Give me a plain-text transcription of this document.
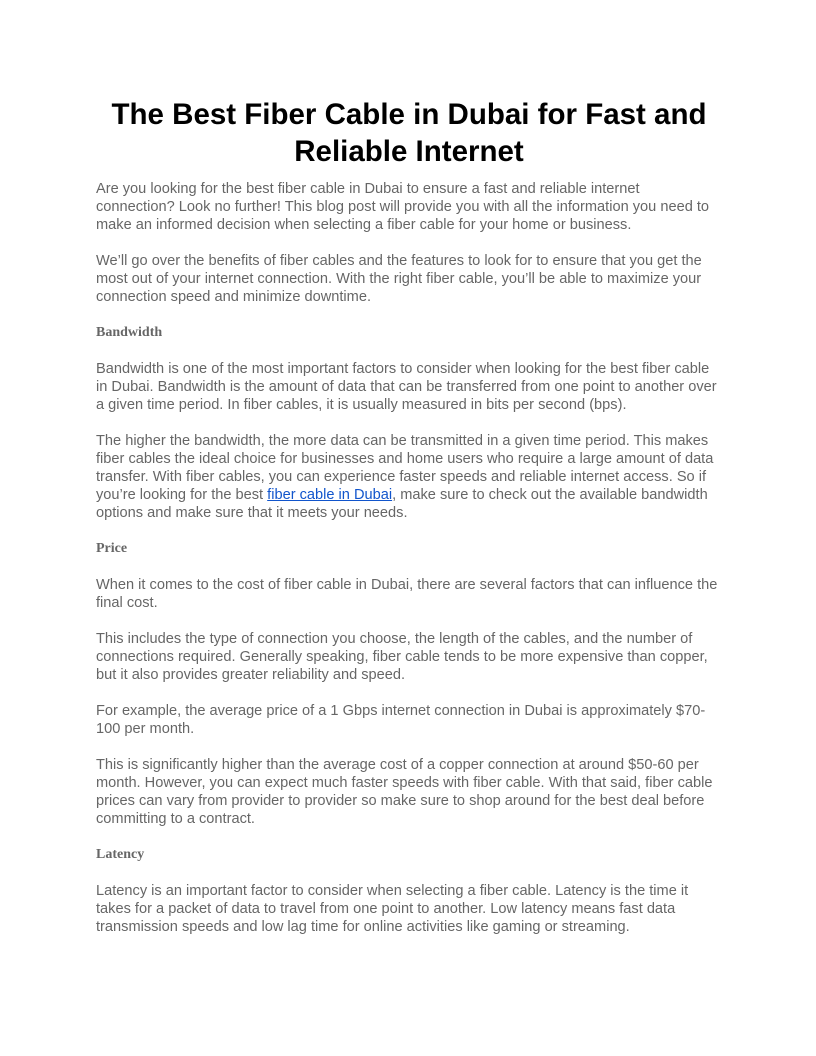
The Best Fiber Cable in Dubai for Fast and Reliable Internet

Are you looking for the best fiber cable in Dubai to ensure a fast and reliable internet connection? Look no further! This blog post will provide you with all the information you need to make an informed decision when selecting a fiber cable for your home or business.

We’ll go over the benefits of fiber cables and the features to look for to ensure that you get the most out of your internet connection. With the right fiber cable, you’ll be able to maximize your connection speed and minimize downtime.

Bandwidth

Bandwidth is one of the most important factors to consider when looking for the best fiber cable in Dubai. Bandwidth is the amount of data that can be transferred from one point to another over a given time period. In fiber cables, it is usually measured in bits per second (bps).

The higher the bandwidth, the more data can be transmitted in a given time period. This makes fiber cables the ideal choice for businesses and home users who require a large amount of data transfer. With fiber cables, you can experience faster speeds and reliable internet access. So if you’re looking for the best fiber cable in Dubai, make sure to check out the available bandwidth options and make sure that it meets your needs.

Price

When it comes to the cost of fiber cable in Dubai, there are several factors that can influence the final cost.

This includes the type of connection you choose, the length of the cables, and the number of connections required. Generally speaking, fiber cable tends to be more expensive than copper, but it also provides greater reliability and speed.

For example, the average price of a 1 Gbps internet connection in Dubai is approximately $70-100 per month.

This is significantly higher than the average cost of a copper connection at around $50-60 per month. However, you can expect much faster speeds with fiber cable. With that said, fiber cable prices can vary from provider to provider so make sure to shop around for the best deal before committing to a contract.

Latency

Latency is an important factor to consider when selecting a fiber cable. Latency is the time it takes for a packet of data to travel from one point to another. Low latency means fast data transmission speeds and low lag time for online activities like gaming or streaming.
